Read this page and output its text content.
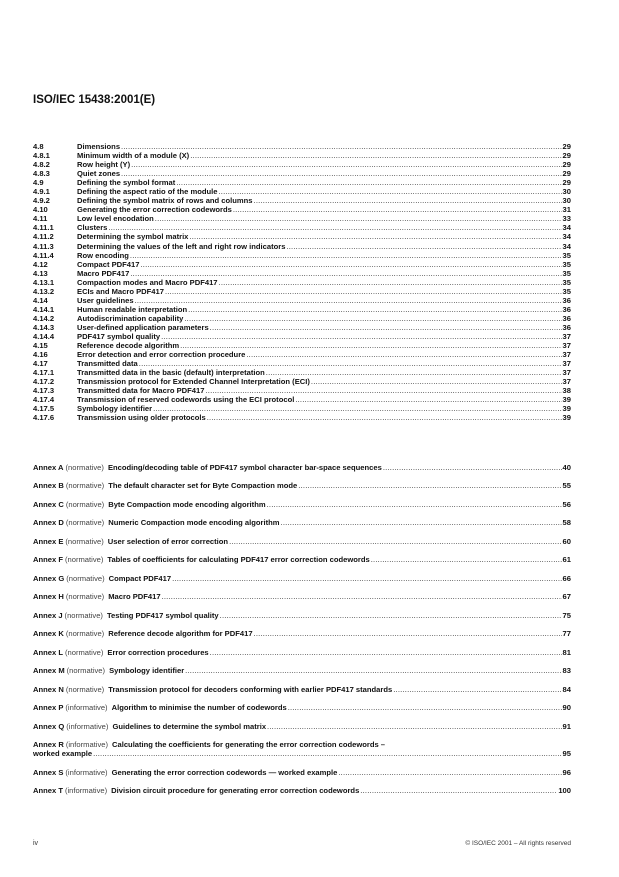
ISO/IEC 15438:2001(E)
4.8	Dimensions .....	29
4.8.1	Minimum width of a module (X) .....	29
4.8.2	Row height (Y) .....	29
4.8.3	Quiet zones .....	29
4.9	Defining the symbol format .....	29
4.9.1	Defining the aspect ratio of the module .....	30
4.9.2	Defining the symbol matrix of rows and columns .....	30
4.10	Generating the error correction codewords .....	31
4.11	Low level encodation .....	33
4.11.1	Clusters .....	34
4.11.2	Determining the symbol matrix .....	34
4.11.3	Determining the values of the left and right row indicators .....	34
4.11.4	Row encoding .....	35
4.12	Compact PDF417 .....	35
4.13	Macro PDF417 .....	35
4.13.1	Compaction modes and Macro PDF417 .....	35
4.13.2	ECIs and Macro PDF417 .....	35
4.14	User guidelines .....	36
4.14.1	Human readable interpretation .....	36
4.14.2	Autodiscrimination capability .....	36
4.14.3	User-defined application parameters .....	36
4.14.4	PDF417 symbol quality .....	37
4.15	Reference decode algorithm .....	37
4.16	Error detection and error correction procedure .....	37
4.17	Transmitted data .....	37
4.17.1	Transmitted data in the basic (default) interpretation .....	37
4.17.2	Transmission protocol for Extended Channel Interpretation (ECI) .....	37
4.17.3	Transmitted data for Macro PDF417 .....	38
4.17.4	Transmission of reserved codewords using the ECI protocol .....	39
4.17.5	Symbology identifier .....	39
4.17.6	Transmission using older protocols .....	39
Annex A (normative) Encoding/decoding table of PDF417 symbol character bar-space sequences .....	40
Annex B (normative) The default character set for Byte Compaction mode .....	55
Annex C (normative) Byte Compaction mode encoding algorithm .....	56
Annex D (normative) Numeric Compaction mode encoding algorithm .....	58
Annex E (normative) User selection of error correction .....	60
Annex F (normative) Tables of coefficients for calculating PDF417 error correction codewords .....	61
Annex G (normative) Compact PDF417 .....	66
Annex H (normative) Macro PDF417 .....	67
Annex J (normative) Testing PDF417 symbol quality .....	75
Annex K (normative) Reference decode algorithm for PDF417 .....	77
Annex L (normative) Error correction procedures .....	81
Annex M (normative) Symbology identifier .....	83
Annex N (normative) Transmission protocol for decoders conforming with earlier PDF417 standards .....	84
Annex P (informative) Algorithm to minimise the number of codewords .....	90
Annex Q (informative) Guidelines to determine the symbol matrix .....	91
Annex R (informative) Calculating the coefficients for generating the error correction codewords –
worked example .....	95
Annex S (informative) Generating the error correction codewords — worked example .....	96
Annex T (informative) Division circuit procedure for generating error correction codewords .....	100
iv	© ISO/IEC 2001 – All rights reserved
